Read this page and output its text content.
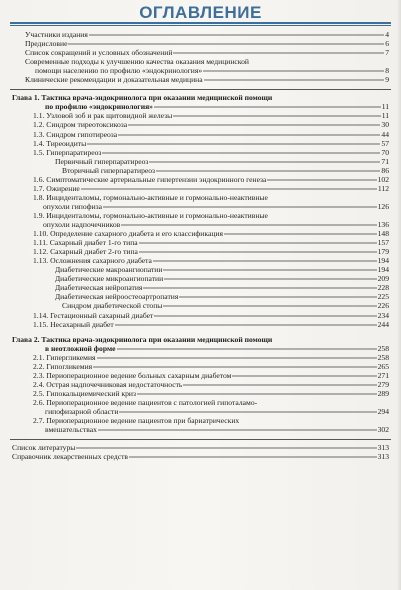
ОГЛАВЛЕНИЕ
Участники издания	4
Предисловие	6
Список сокращений и условных обозначений	7
Современные подходы к улучшению качества оказания медицинской
помощи населению по профилю «эндокринология»	8
Клинические рекомендации и доказательная медицина	9
Глава 1. Тактика врача-эндокринолога при оказании медицинской помощи
по профилю «эндокринология»	11
1.1. Узловой зоб и рак щитовидной железы	11
1.2. Синдром тиреотоксикоза	30
1.3. Синдром гипотиреоза	44
1.4. Тиреоидиты	57
1.5. Гиперпаратиреоз	70
Первичный гиперпаратиреоз	71
Вторичный гиперпаратиреоз	86
1.6. Симптоматические артериальные гипертензии эндокринного генеза	102
1.7. Ожирение	112
1.8. Инциденталомы, гормонально-активные и гормонально-неактивные
опухоли гипофиза	126
1.9. Инциденталомы, гормонально-активные и гормонально-неактивные
опухоли надпочечников	136
1.10. Определение сахарного диабета и его классификация	148
1.11. Сахарный диабет 1-го типа	157
1.12. Сахарный диабет 2-го типа	179
1.13. Осложнения сахарного диабета	194
Диабетические макроангиопатии	194
Диабетические микроангиопатии	209
Диабетическая нейропатия	228
Диабетическая нейроостеоартропатия	225
Синдром диабетической стопы	226
1.14. Гестационный сахарный диабет	234
1.15. Несахарный диабет	244
Глава 2. Тактика врача-эндокринолога при оказании медицинской помощи
в неотложной форме	258
2.1. Гипергликемия	258
2.2. Гипогликемия	265
2.3. Периоперационное ведение больных сахарным диабетом	271
2.4. Острая надпочечниковая недостаточность	279
2.5. Гипокальциемический криз	289
2.6. Периоперационное ведение пациентов с патологией гипоталамо-
гипофизарной области	294
2.7. Периоперационное ведение пациентов при бариатрических
вмешательствах	302
Список литературы	313
Справочник лекарственных средств	313
